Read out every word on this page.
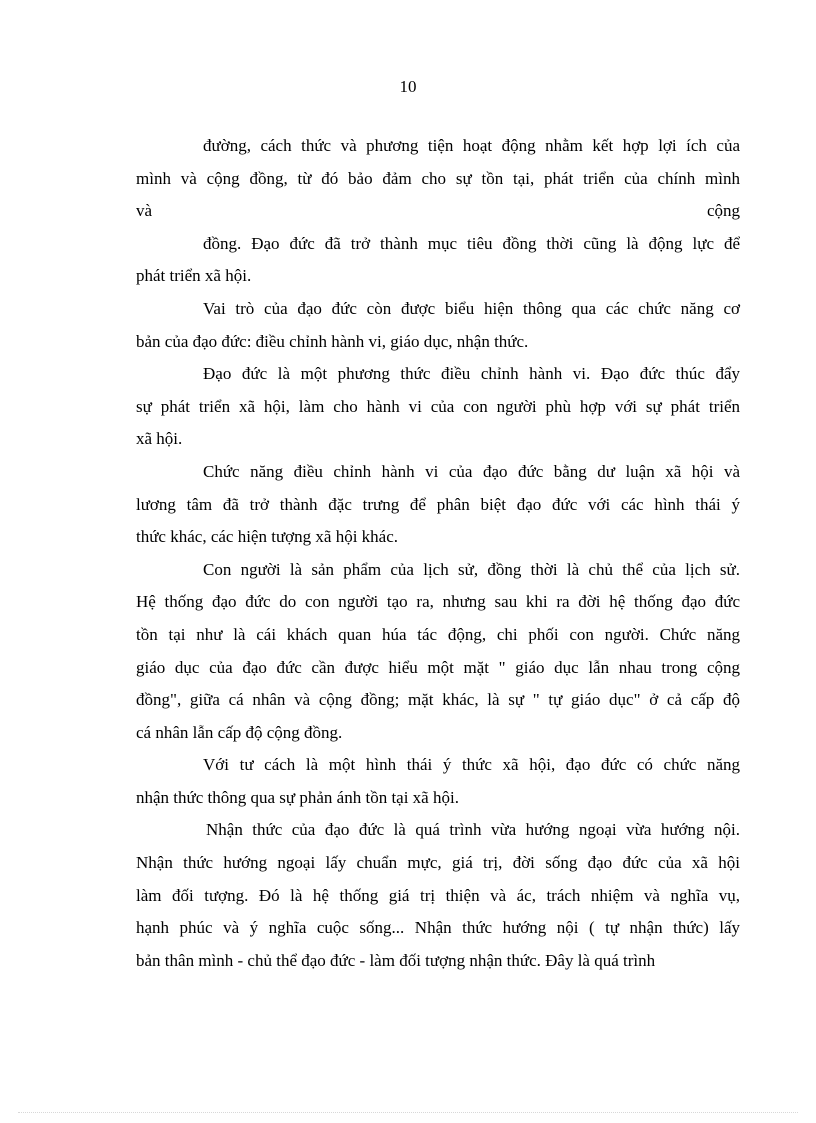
10
đường, cách thức và phương tiện hoạt động nhằm kết hợp lợi ích của
mình và cộng đồng, từ đó bảo đảm cho sự tồn tại, phát triển của chính mình
và	cộng
đồng. Đạo đức đã trở thành mục tiêu đồng thời cũng là động lực để
phát triển xã hội.
Vai trò của đạo đức còn được biểu hiện thông qua các chức năng cơ
bản của đạo đức: điều chỉnh hành vi, giáo dục, nhận thức.
Đạo đức là một phương thức điều chỉnh hành vi. Đạo đức thúc đẩy
sự phát triển xã hội, làm cho hành vi của con người phù hợp với sự phát triển
xã hội.
Chức năng điều chỉnh hành vi của đạo đức bằng dư luận xã hội và
lương tâm đã trở thành đặc trưng để phân biệt đạo đức với các hình thái ý
thức khác, các hiện tượng xã hội khác.
Con người là sản phẩm của lịch sử, đồng thời là chủ thể của lịch sử.
Hệ thống đạo đức do con người tạo ra, nhưng sau khi ra đời hệ thống đạo đức
tồn tại như là cái khách quan húa tác động, chi phối con người. Chức năng
giáo dục của đạo đức cần được hiểu một mặt " giáo dục lẫn nhau trong cộng
đồng", giữa cá nhân và cộng đồng; mặt khác, là sự " tự giáo dục" ở cả cấp độ
cá nhân lẫn cấp độ cộng đồng.
Với tư cách là một hình thái ý thức xã hội, đạo đức có chức năng
nhận thức thông qua sự phản ánh tồn tại xã hội.
Nhận thức của đạo đức là quá trình vừa hướng ngoại vừa hướng nội.
Nhận thức hướng ngoại lấy chuẩn mực, giá trị, đời sống đạo đức của xã hội
làm đối tượng. Đó là hệ thống giá trị thiện và ác, trách nhiệm và nghĩa vụ,
hạnh phúc và ý nghĩa cuộc sống... Nhận thức hướng nội ( tự nhận thức) lấy
bản thân mình - chủ thể đạo đức - làm đối tượng nhận thức. Đây là quá trình
